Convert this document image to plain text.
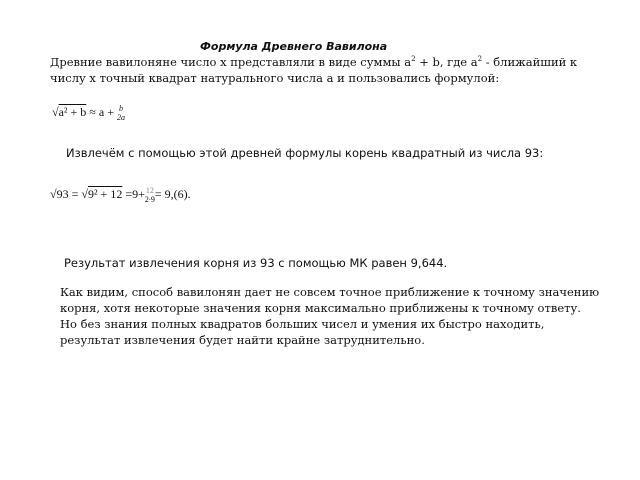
Формула Древнего Вавилона
Древние вавилоняне число х представляли в виде суммы $a^2 + b$, где $a^2$ - ближайший к числу х точный квадрат натурального числа a и пользовались формулой:
√a² + b ≈ a + b
2a
Извлечём с помощью этой древней формулы корень квадратный из числа 93:
√93 = √9² + 12 =9+12
2∙9= 9,(6).
Результат извлечения корня из 93 с помощью МК равен 9,644.
Как видим, способ вавилонян дает не совсем точное приближение к точному значению корня, хотя некоторые значения корня максимально приближены к точному ответу. Но без знания полных квадратов больших чисел и умения их быстро находить, результат извлечения будет найти крайне затруднительно.
